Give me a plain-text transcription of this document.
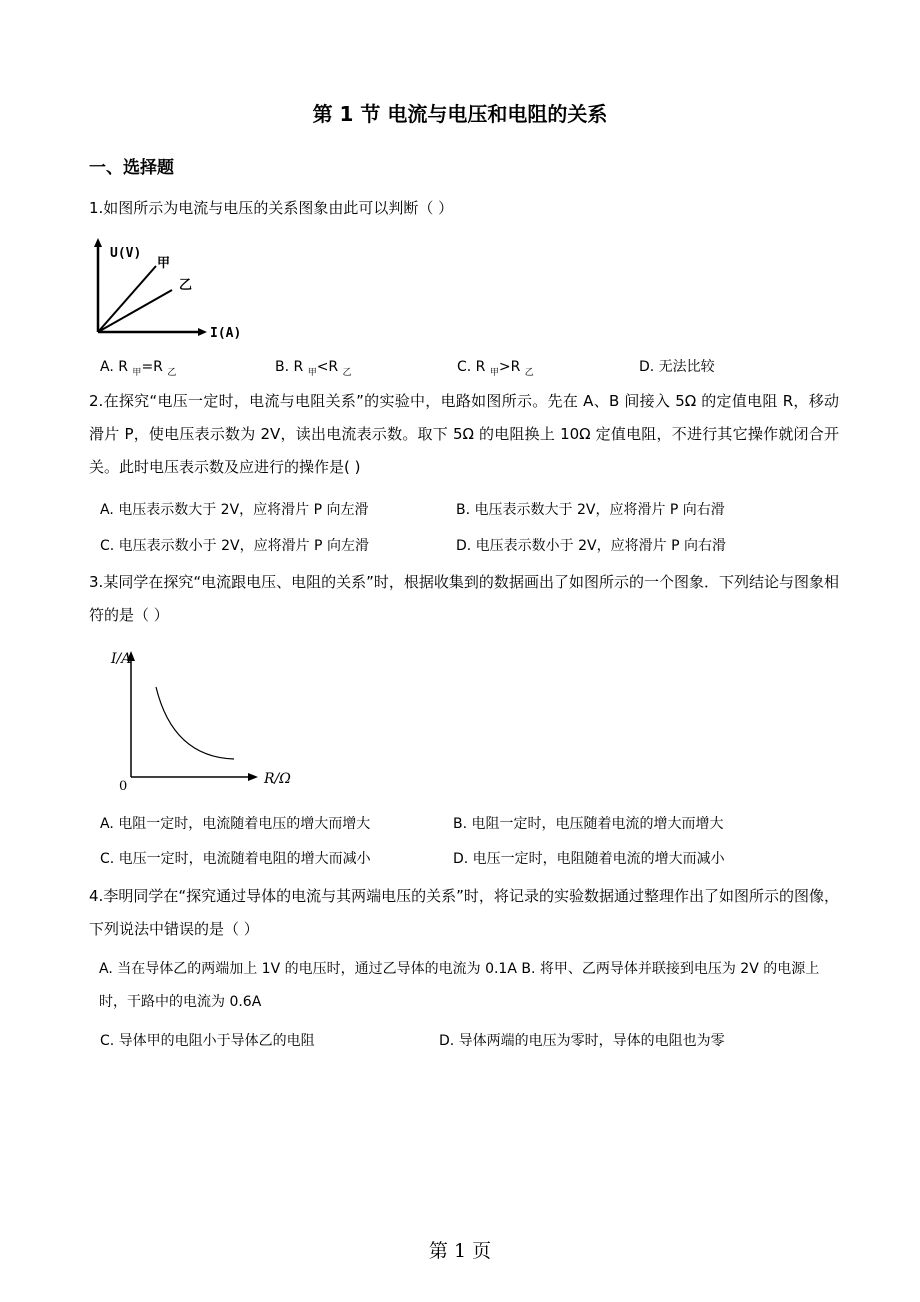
第 1 节 电流与电压和电阻的关系
一、选择题
1.如图所示为电流与电压的关系图象由此可以判断（ ）
U(V)
I(A)
甲
乙
A. R $_甲$=R $_乙$	B. R $_甲$<R $_乙$	C. R $_甲$>R $_乙$	D. 无法比较
2.在探究“电压一定时，电流与电阻关系”的实验中，电路如图所示。先在 A、B 间接入 5Ω 的定值电阻 R，移动滑片 P，使电压表示数为 2V，读出电流表示数。取下 5Ω 的电阻换上 10Ω 定值电阻，不进行其它操作就闭合开关。此时电压表示数及应进行的操作是( )
A. 电压表示数大于 2V，应将滑片 P 向左滑	B. 电压表示数大于 2V，应将滑片 P 向右滑
C. 电压表示数小于 2V，应将滑片 P 向左滑	D. 电压表示数小于 2V，应将滑片 P 向右滑
3.某同学在探究“电流跟电压、电阻的关系”时，根据收集到的数据画出了如图所示的一个图象．下列结论与图象相符的是（ ）
I/A
R/Ω
0
A. 电阻一定时，电流随着电压的增大而增大	B. 电阻一定时，电压随着电流的增大而增大
C. 电压一定时，电流随着电阻的增大而减小	D. 电压一定时，电阻随着电流的增大而减小
4.李明同学在“探究通过导体的电流与其两端电压的关系”时，将记录的实验数据通过整理作出了如图所示的图像，下列说法中错误的是（ ）
A. 当在导体乙的两端加上 1V 的电压时，通过乙导体的电流为 0.1A B. 将甲、乙两导体并联接到电压为 2V 的电源上时，干路中的电流为 0.6A
C. 导体甲的电阻小于导体乙的电阻	D. 导体两端的电压为零时，导体的电阻也为零
第 1 页
